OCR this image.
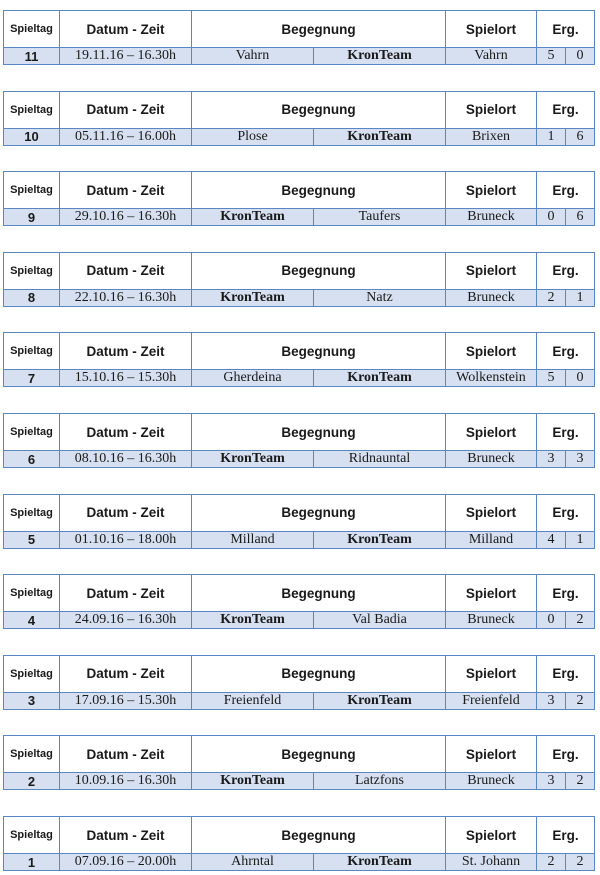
Spieltag	Datum - Zeit	Begegnung		Spielort	Erg.	
11	19.11.16 – 16.30h	Vahrn	KronTeam	Vahrn	5	0
Spieltag	Datum - Zeit	Begegnung		Spielort	Erg.	
10	05.11.16 – 16.00h	Plose	KronTeam	Brixen	1	6
Spieltag	Datum - Zeit	Begegnung		Spielort	Erg.	
9	29.10.16 – 16.30h	KronTeam	Taufers	Bruneck	0	6
Spieltag	Datum - Zeit	Begegnung		Spielort	Erg.	
8	22.10.16 – 16.30h	KronTeam	Natz	Bruneck	2	1
Spieltag	Datum - Zeit	Begegnung		Spielort	Erg.	
7	15.10.16 – 15.30h	Gherdeina	KronTeam	Wolkenstein	5	0
Spieltag	Datum - Zeit	Begegnung		Spielort	Erg.	
6	08.10.16 – 16.30h	KronTeam	Ridnauntal	Bruneck	3	3
Spieltag	Datum - Zeit	Begegnung		Spielort	Erg.	
5	01.10.16 – 18.00h	Milland	KronTeam	Milland	4	1
Spieltag	Datum - Zeit	Begegnung		Spielort	Erg.	
4	24.09.16 – 16.30h	KronTeam	Val Badia	Bruneck	0	2
Spieltag	Datum - Zeit	Begegnung		Spielort	Erg.	
3	17.09.16 – 15.30h	Freienfeld	KronTeam	Freienfeld	3	2
Spieltag	Datum - Zeit	Begegnung		Spielort	Erg.	
2	10.09.16 – 16.30h	KronTeam	Latzfons	Bruneck	3	2
Spieltag	Datum - Zeit	Begegnung		Spielort	Erg.	
1	07.09.16 – 20.00h	Ahrntal	KronTeam	St. Johann	2	2
